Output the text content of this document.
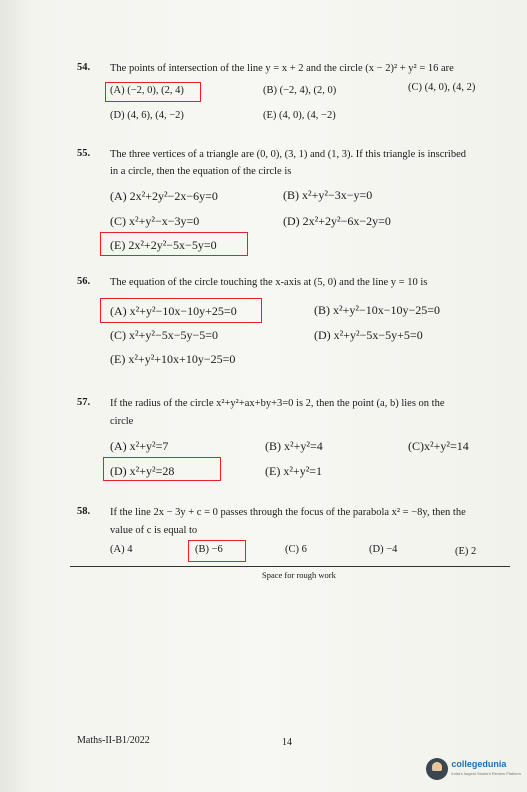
54. The points of intersection of the line y = x + 2 and the circle (x − 2)² + y² = 16 are
(A) (−2, 0), (2, 4)	(B) (−2, 4), (2, 0)	(C) (4, 0), (4, 2)
(D) (4, 6), (4, −2)	(E) (4, 0), (4, −2)
55. The three vertices of a triangle are (0, 0), (3, 1) and (1, 3). If this triangle is inscribed
in a circle, then the equation of the circle is
(A) 2x²+2y²−2x−6y=0	(B) x²+y²−3x−y=0
(C) x²+y²−x−3y=0	(D) 2x²+2y²−6x−2y=0
(E) 2x²+2y²−5x−5y=0
56. The equation of the circle touching the x-axis at (5, 0) and the line y = 10 is
(A) x²+y²−10x−10y+25=0	(B) x²+y²−10x−10y−25=0
(C) x²+y²−5x−5y−5=0	(D) x²+y²−5x−5y+5=0
(E) x²+y²+10x+10y−25=0
57. If the radius of the circle x²+y²+ax+by+3=0 is 2, then the point (a, b) lies on the
circle
(A) x²+y²=7	(B) x²+y²=4	(C)x²+y²=14
(D) x²+y²=28	(E) x²+y²=1
58. If the line 2x − 3y + c = 0 passes through the focus of the parabola x² = −8y, then the
value of c is equal to
(A) 4	(B) −6	(C) 6	(D) −4	(E) 2
Space for rough work
Maths-II-B1/2022	14
collegedunia
India's largest Student Review Platform
